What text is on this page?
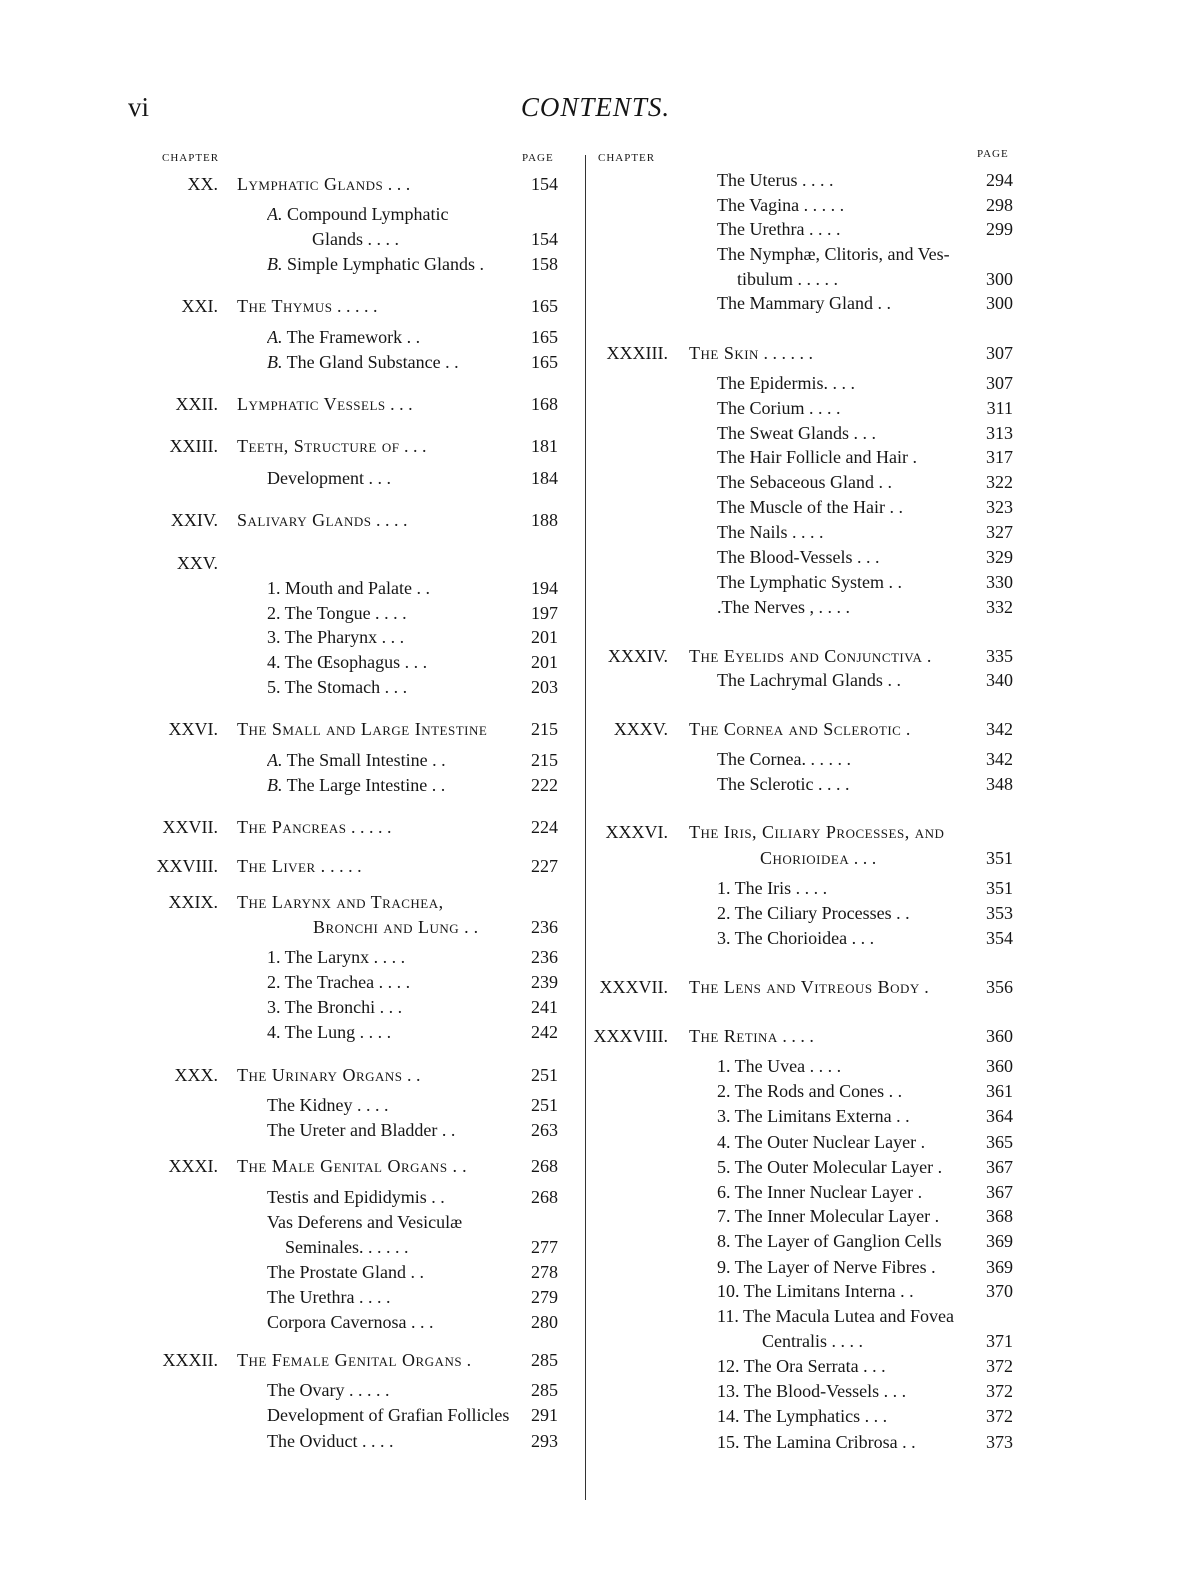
vi	CONTENTS.
CHAPTER	PAGE	CHAPTER	PAGE
XX. Lymphatic Glands . . .	154
A. Compound Lymphatic
Glands . . . .	154
B. Simple Lymphatic Glands .	158
XXI. The Thymus . . . . .	165
A. The Framework . .	165
B. The Gland Substance . .	165
XXII. Lymphatic Vessels . . .	168
XXIII. Teeth, Structure of . . .	181
Development . . .	184
XXIV. Salivary Glands . . . .	188
XXV.
1. Mouth and Palate . .	194
2. The Tongue . . . .	197
3. The Pharynx . . .	201
4. The Œsophagus . . .	201
5. The Stomach . . .	203
XXVI. The Small and Large Intestine	215
A. The Small Intestine . .	215
B. The Large Intestine . .	222
XXVII. The Pancreas . . . . .	224
XXVIII. The Liver . . . . .	227
XXIX. The Larynx and Trachea,
Bronchi and Lung . .	236
1. The Larynx . . . .	236
2. The Trachea . . . .	239
3. The Bronchi . . .	241
4. The Lung . . . .	242
XXX. The Urinary Organs . .	251
The Kidney . . . .	251
The Ureter and Bladder . .	263
XXXI. The Male Genital Organs . .	268
Testis and Epididymis . .	268
Vas Deferens and Vesiculæ
Seminales. . . . . .	277
The Prostate Gland . .	278
The Urethra . . . .	279
Corpora Cavernosa . . .	280
XXXII. The Female Genital Organs .	285
The Ovary . . . . .	285
Development of Grafian Follicles	291
The Oviduct . . . .	293
The Uterus . . . .	294
The Vagina . . . . .	298
The Urethra . . . .	299
The Nymphæ, Clitoris, and Ves-
tibulum . . . . .	300
The Mammary Gland . .	300
XXXIII. The Skin . . . . . .	307
The Epidermis. . . .	307
The Corium . . . .	311
The Sweat Glands . . .	313
The Hair Follicle and Hair .	317
The Sebaceous Gland . .	322
The Muscle of the Hair . .	323
The Nails . . . .	327
The Blood-Vessels . . .	329
The Lymphatic System . .	330
.The Nerves , . . . .	332
XXXIV. The Eyelids and Conjunctiva .	335
The Lachrymal Glands . .	340
XXXV. The Cornea and Sclerotic .	342
The Cornea. . . . . .	342
The Sclerotic . . . .	348
XXXVI. The Iris, Ciliary Processes, and
Chorioidea . . .	351
1. The Iris . . . .	351
2. The Ciliary Processes . .	353
3. The Chorioidea . . .	354
XXXVII. The Lens and Vitreous Body .	356
XXXVIII. The Retina . . . .	360
1. The Uvea . . . .	360
2. The Rods and Cones . .	361
3. The Limitans Externa . .	364
4. The Outer Nuclear Layer .	365
5. The Outer Molecular Layer .	367
6. The Inner Nuclear Layer .	367
7. The Inner Molecular Layer .	368
8. The Layer of Ganglion Cells	369
9. The Layer of Nerve Fibres .	369
10. The Limitans Interna . .	370
11. The Macula Lutea and Fovea
Centralis . . . .	371
12. The Ora Serrata . . .	372
13. The Blood-Vessels . . .	372
14. The Lymphatics . . .	372
15. The Lamina Cribrosa . .	373
